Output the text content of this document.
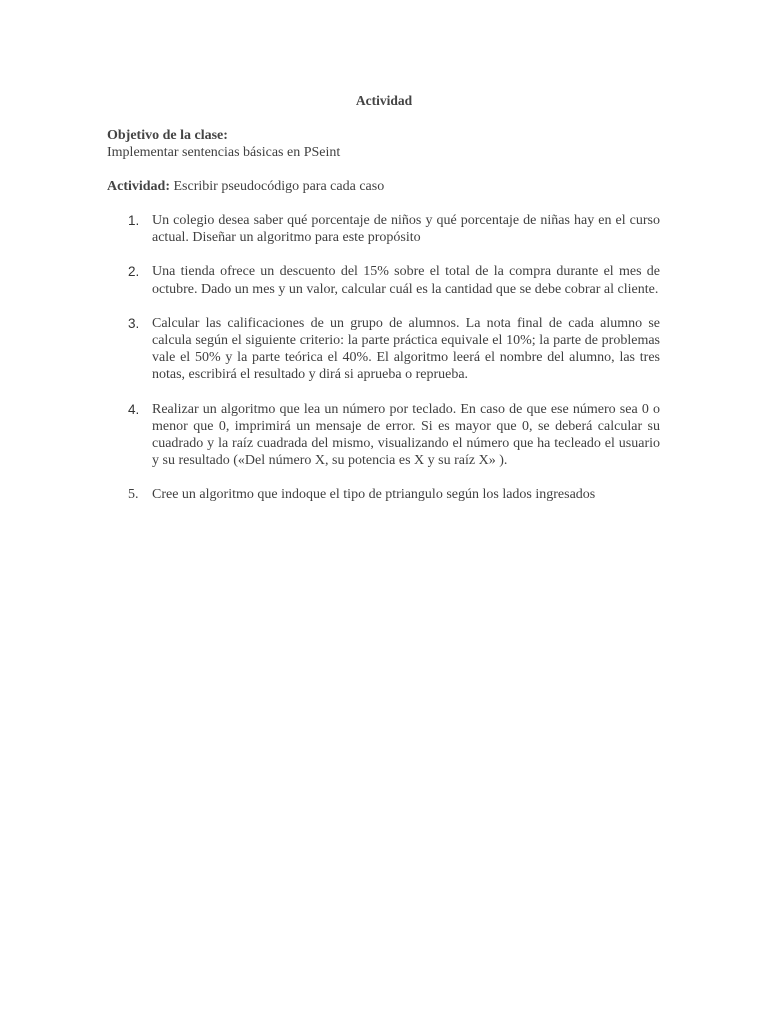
Actividad
Objetivo de la clase:
Implementar sentencias básicas en PSeint
Actividad: Escribir pseudocódigo para cada caso
1. Un colegio desea saber qué porcentaje de niños y qué porcentaje de niñas hay en el curso actual. Diseñar un algoritmo para este propósito
2. Una tienda ofrece un descuento del 15% sobre el total de la compra durante el mes de octubre. Dado un mes y un valor, calcular cuál es la cantidad que se debe cobrar al cliente.
3. Calcular las calificaciones de un grupo de alumnos. La nota final de cada alumno se calcula según el siguiente criterio: la parte práctica equivale el 10%; la parte de problemas vale el 50% y la parte teórica el 40%. El algoritmo leerá el nombre del alumno, las tres notas, escribirá el resultado y dirá si aprueba o reprueba.
4. Realizar un algoritmo que lea un número por teclado. En caso de que ese número sea 0 o menor que 0, imprimirá un mensaje de error. Si es mayor que 0, se deberá calcular su cuadrado y la raíz cuadrada del mismo, visualizando el número que ha tecleado el usuario y su resultado («Del número X, su potencia es X y su raíz X» ).
5. Cree un algoritmo que indoque el tipo de ptriangulo según los lados ingresados
